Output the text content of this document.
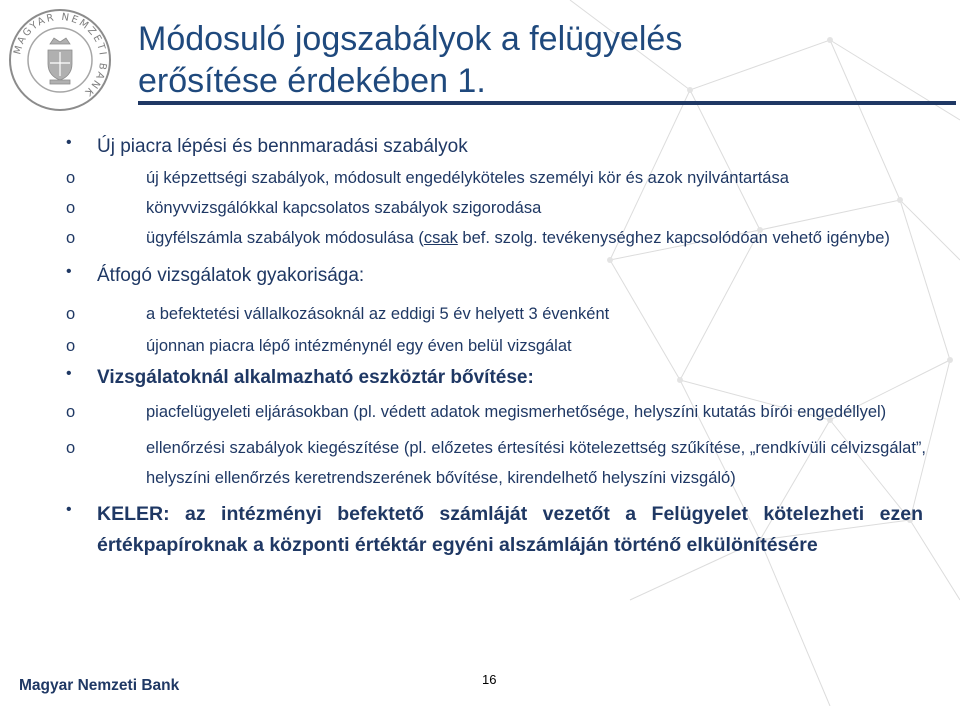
MAGYAR NEMZETI BANK
Módosuló jogszabályok a felügyelés
erősítése érdekében 1.
• Új piacra lépési és bennmaradási szabályok
o	új képzettségi szabályok, módosult engedélyköteles személyi kör és azok nyilvántartása
o	könyvvizsgálókkal kapcsolatos szabályok szigorodása
o	ügyfélszámla szabályok módosulása (csak bef. szolg. tevékenységhez kapcsolódóan vehető igénybe)
• Átfogó vizsgálatok gyakorisága:
o	a befektetési vállalkozásoknál az eddigi 5 év helyett 3 évenként
o	újonnan piacra lépő intézménynél egy éven belül vizsgálat
• Vizsgálatoknál alkalmazható eszköztár bővítése:
o	piacfelügyeleti eljárásokban (pl. védett adatok megismerhetősége, helyszíni kutatás bírói engedéllyel)
o	ellenőrzési szabályok kiegészítése (pl. előzetes értesítési kötelezettség szűkítése, „rendkívüli célvizsgálat”, helyszíni ellenőrzés keretrendszerének bővítése, kirendelhető helyszíni vizsgáló)
• KELER: az intézményi befektető számláját vezetőt a Felügyelet kötelezheti ezen értékpapíroknak a központi értéktár egyéni alszámláján történő elkülönítésére
Magyar Nemzeti Bank	16
